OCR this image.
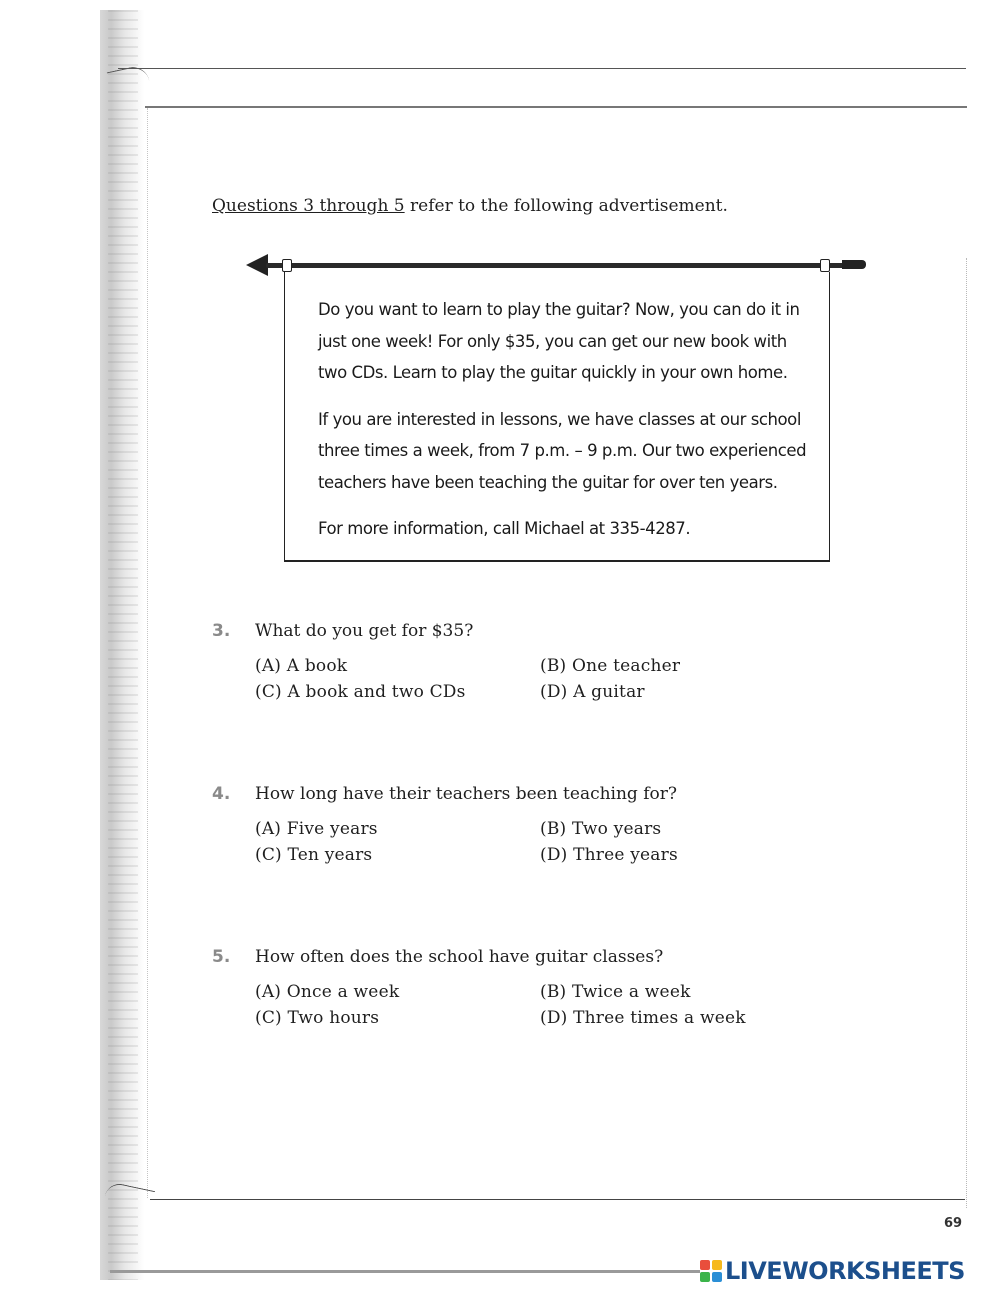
Questions 3 through 5 refer to the following advertisement.

Do you want to learn to play the guitar? Now, you can do it in just one week! For only $35, you can get our new book with two CDs. Learn to play the guitar quickly in your own home.

If you are interested in lessons, we have classes at our school three times a week, from 7 p.m. – 9 p.m. Our two experienced teachers have been teaching the guitar for over ten years.

For more information, call Michael at 335-4287.

3. What do you get for $35?
(A) A book	(B) One teacher
(C) A book and two CDs	(D) A guitar
4. How long have their teachers been teaching for?
(A) Five years	(B) Two years
(C) Ten years	(D) Three years
5. How often does the school have guitar classes?
(A) Once a week	(B) Twice a week
(C) Two hours	(D) Three times a week
69
LIVEWORKSHEETS
